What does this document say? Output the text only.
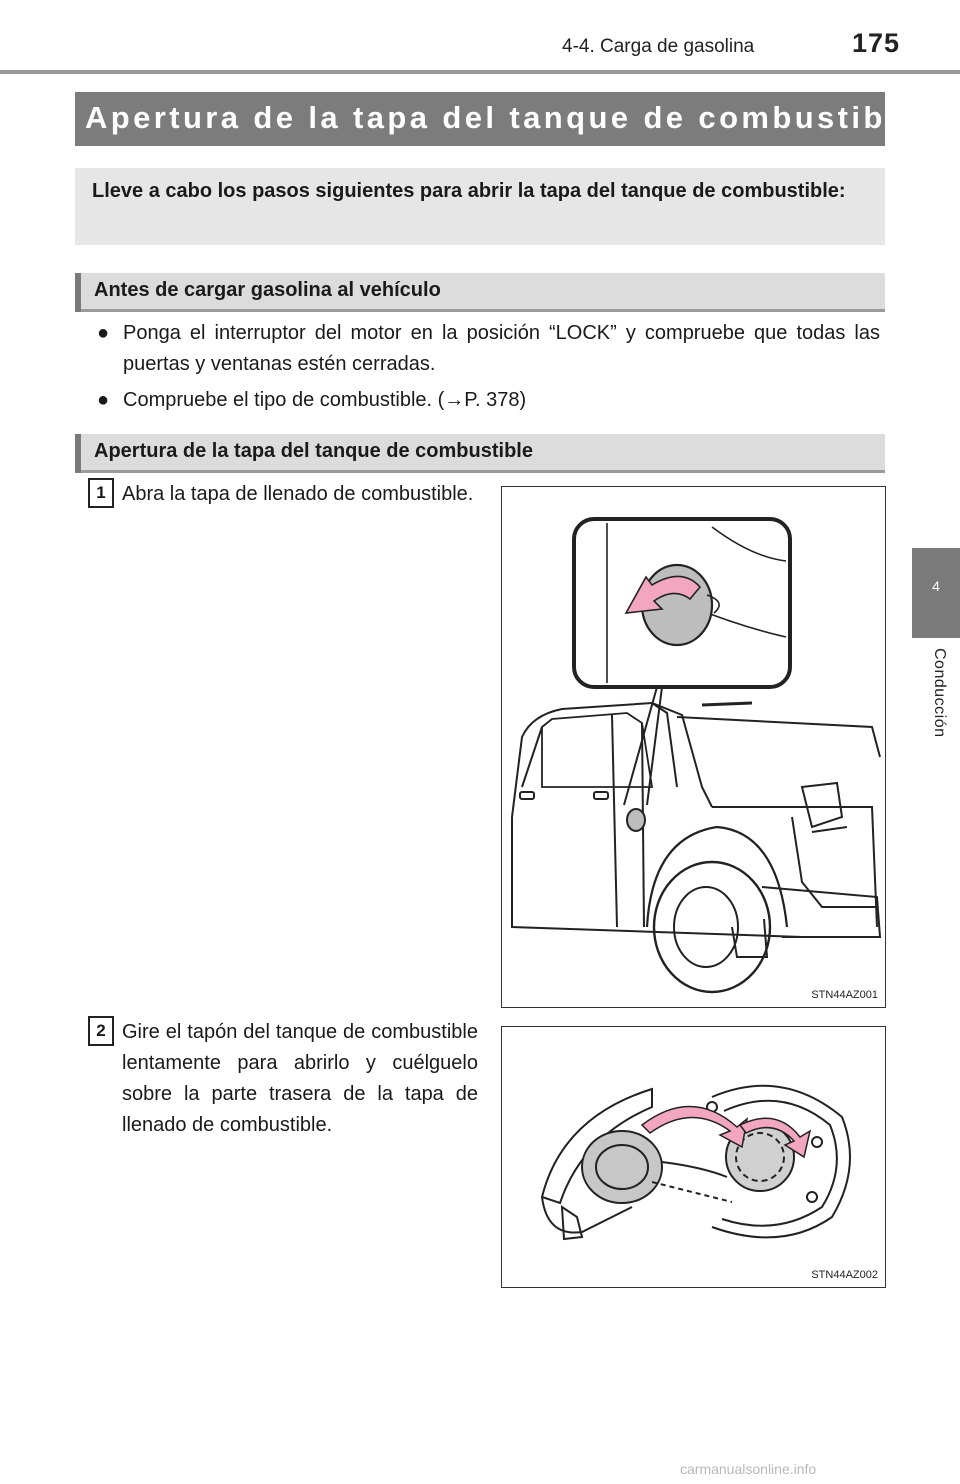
4-4. Carga de gasolina	175
4
Conducción
Apertura de la tapa del tanque de combustible
Lleve a cabo los pasos siguientes para abrir la tapa del tanque de combustible:
Antes de cargar gasolina al vehículo
● Ponga el interruptor del motor en la posición “LOCK” y compruebe que todas las puertas y ventanas estén cerradas.
● Compruebe el tipo de combustible. (→P. 378)
Apertura de la tapa del tanque de combustible
1 Abra la tapa de llenado de combustible.
STN44AZ001
2 Gire el tapón del tanque de combustible lentamente para abrirlo y cuélguelo sobre la parte trasera de la tapa de llenado de combustible.
STN44AZ002
carmanualsonline.info
